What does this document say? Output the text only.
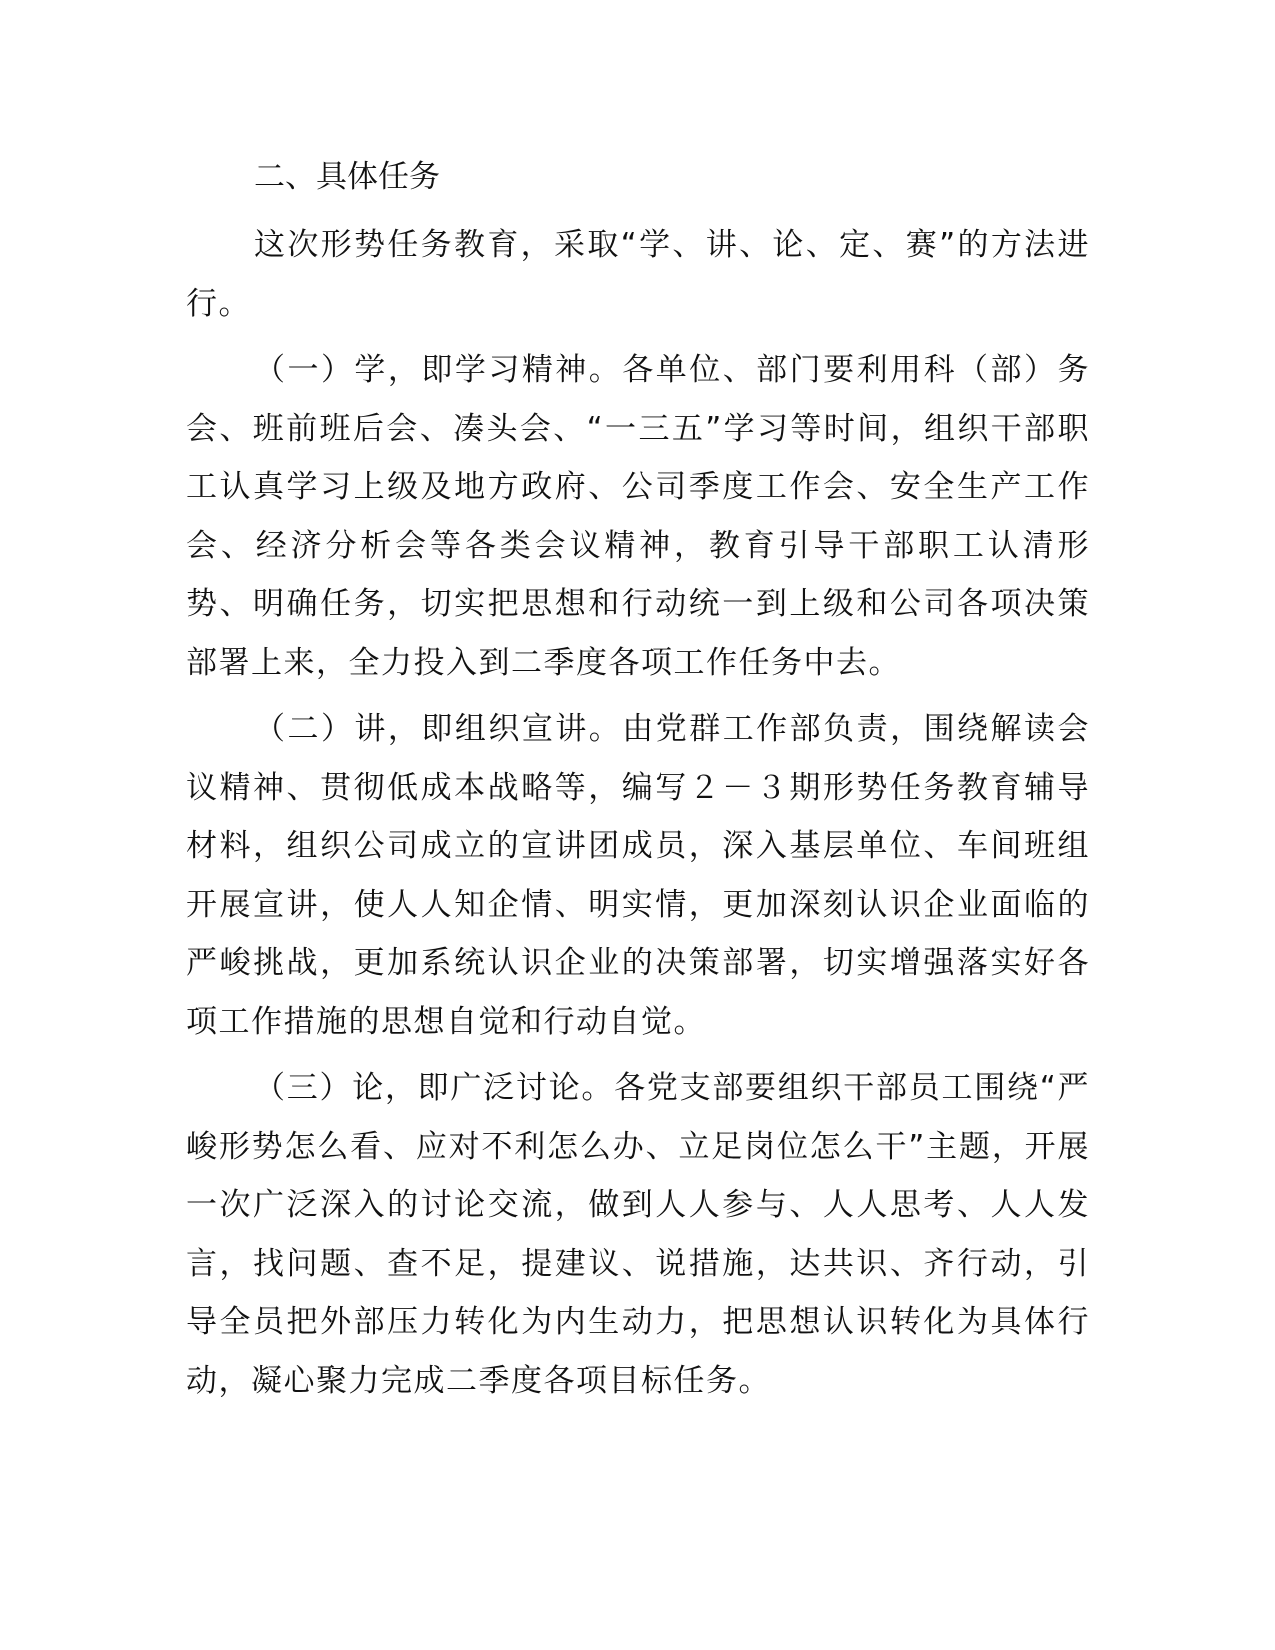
二、具体任务

这次形势任务教育，采取“学、讲、论、定、赛”的方法进行。

（一）学，即学习精神。各单位、部门要利用科（部）务会、班前班后会、凑头会、“一三五”学习等时间，组织干部职工认真学习上级及地方政府、公司季度工作会、安全生产工作会、经济分析会等各类会议精神，教育引导干部职工认清形势、明确任务，切实把思想和行动统一到上级和公司各项决策部署上来，全力投入到二季度各项工作任务中去。

（二）讲，即组织宣讲。由党群工作部负责，围绕解读会议精神、贯彻低成本战略等，编写２－３期形势任务教育辅导材料，组织公司成立的宣讲团成员，深入基层单位、车间班组开展宣讲，使人人知企情、明实情，更加深刻认识企业面临的严峻挑战，更加系统认识企业的决策部署，切实增强落实好各项工作措施的思想自觉和行动自觉。

（三）论，即广泛讨论。各党支部要组织干部员工围绕“严峻形势怎么看、应对不利怎么办、立足岗位怎么干”主题，开展一次广泛深入的讨论交流，做到人人参与、人人思考、人人发言，找问题、查不足，提建议、说措施，达共识、齐行动，引导全员把外部压力转化为内生动力，把思想认识转化为具体行动，凝心聚力完成二季度各项目标任务。
